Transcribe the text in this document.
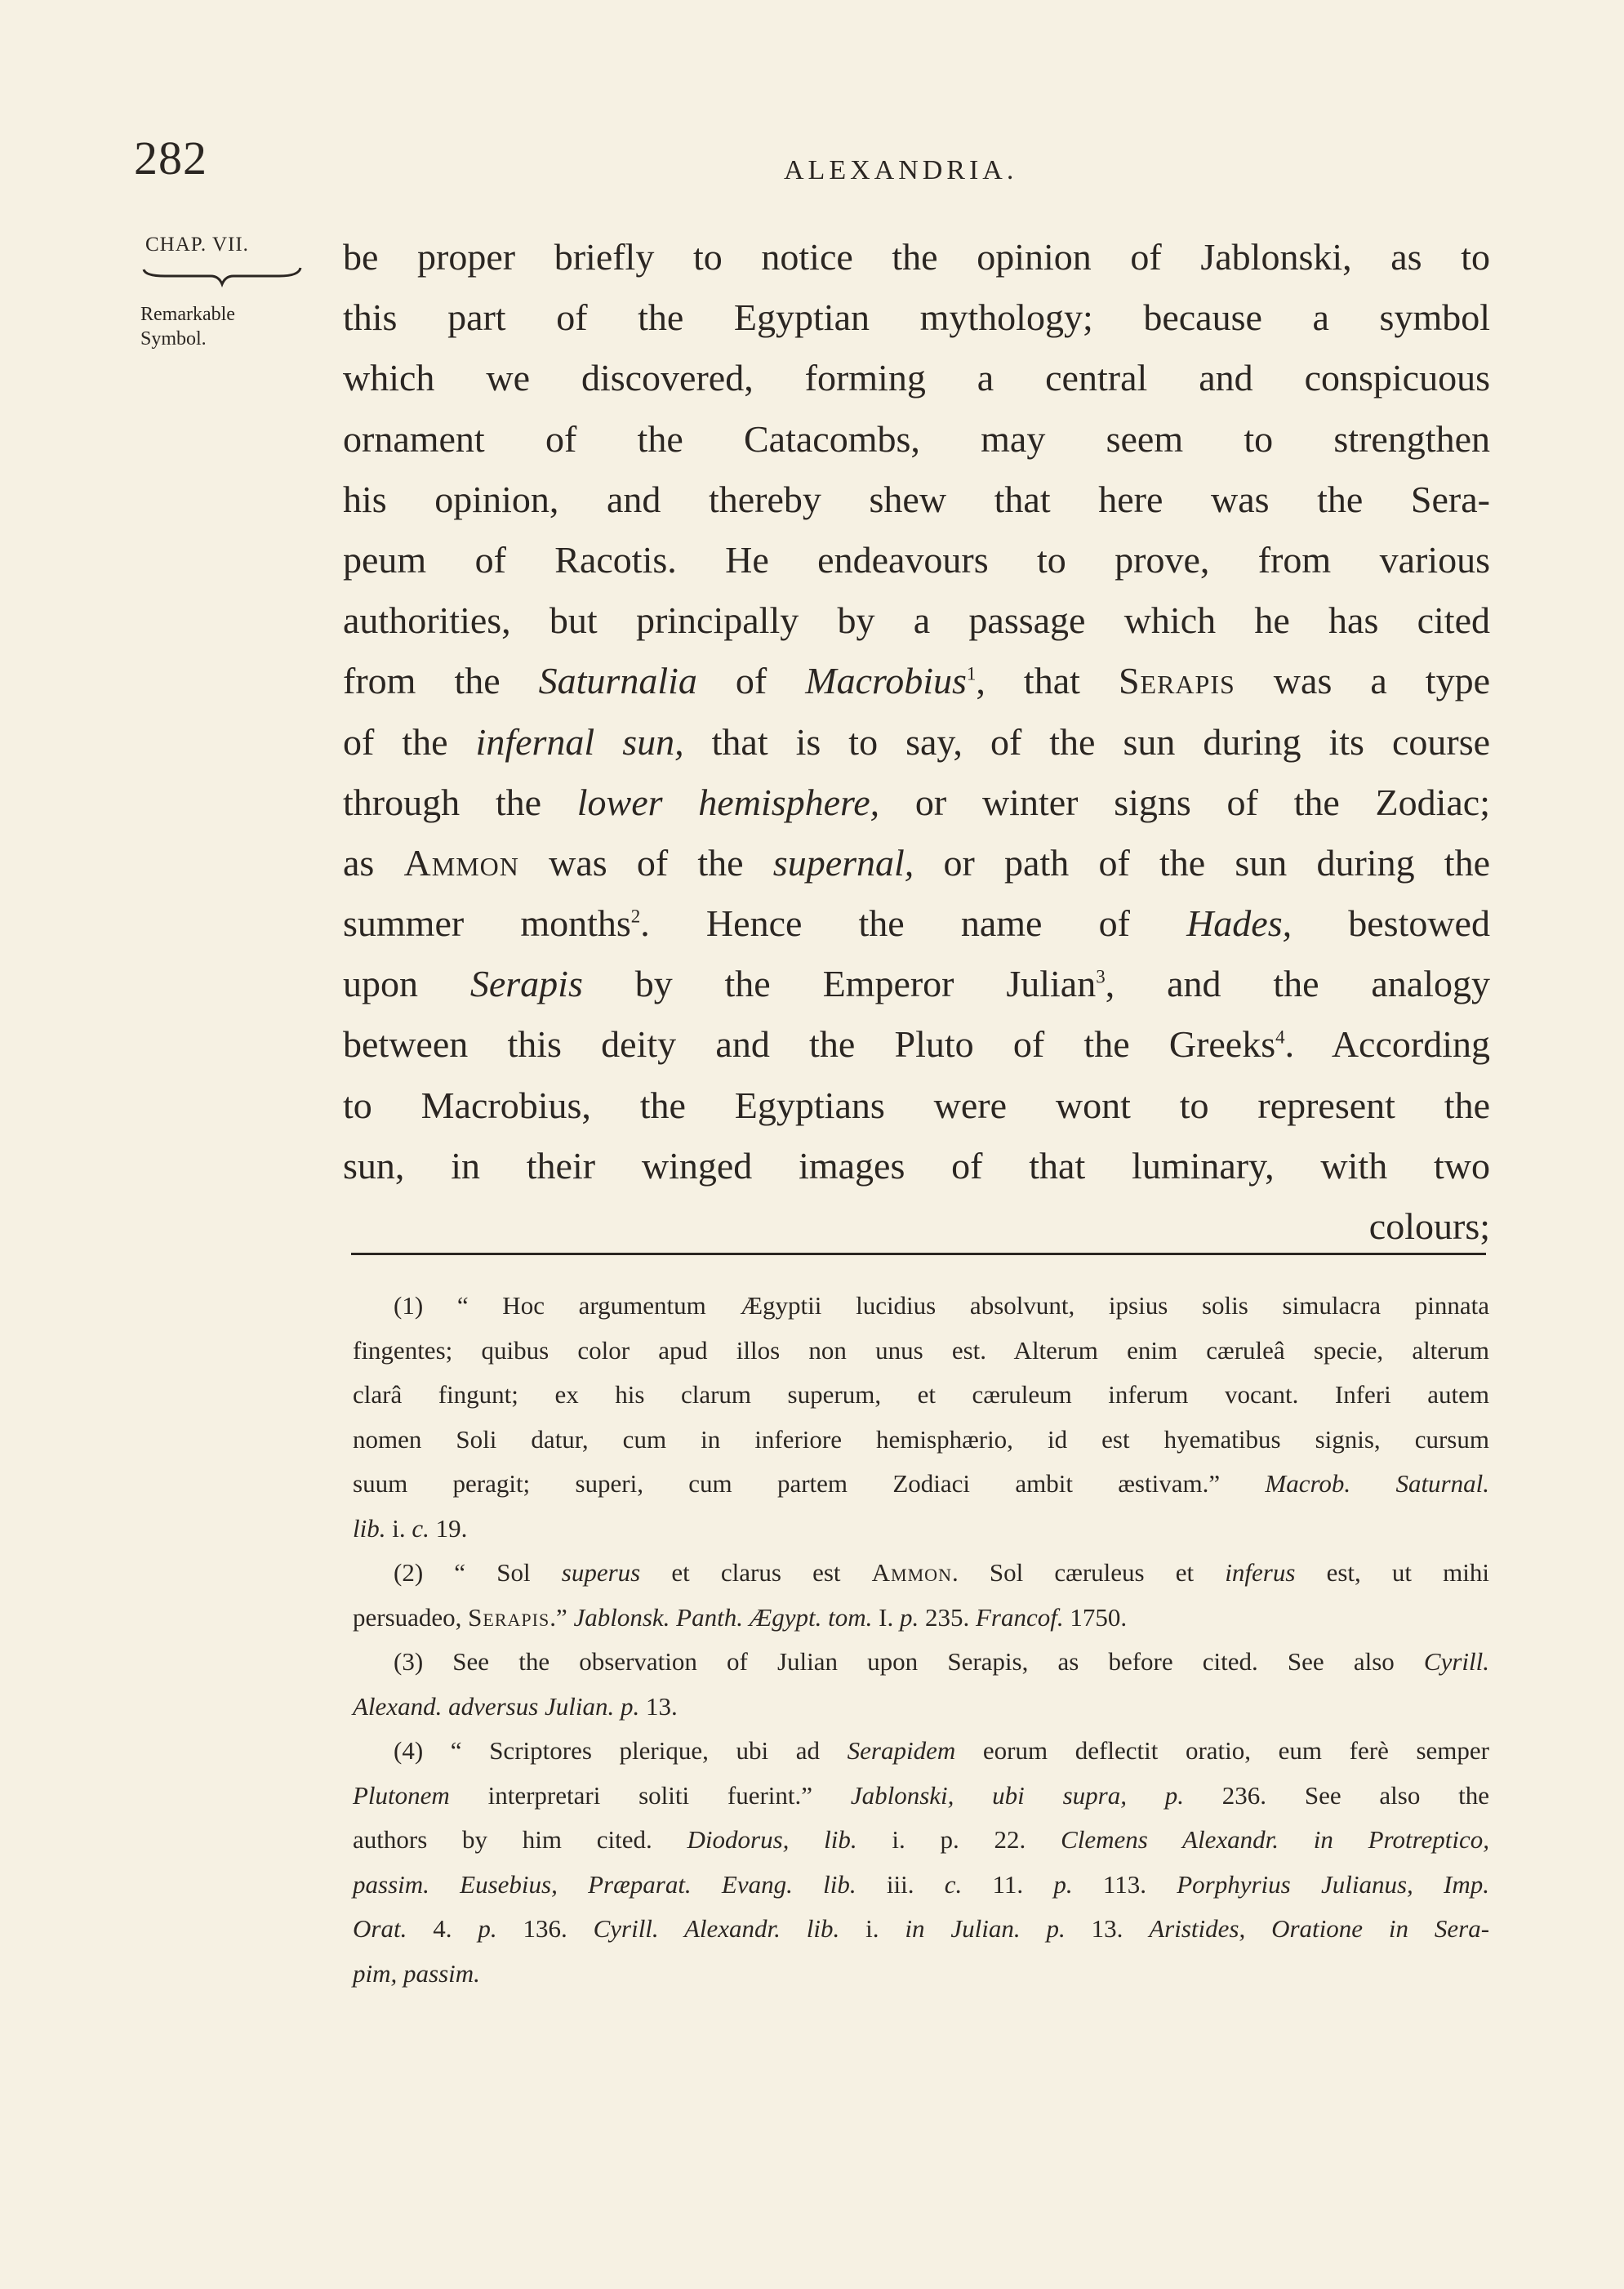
282	ALEXANDRIA.
CHAP. VII.
Remarkable Symbol.
be proper briefly to notice the opinion of Jablonski, as to
this part of the Egyptian mythology; because a symbol
which we discovered, forming a central and conspicuous
ornament of the Catacombs, may seem to strengthen
his opinion, and thereby shew that here was the Sera-
peum of Racotis. He endeavours to prove, from various
authorities, but principally by a passage which he has cited
from the Saturnalia of Macrobius$^1$, that Serapis was a type
of the infernal sun, that is to say, of the sun during its course
through the lower hemisphere, or winter signs of the Zodiac;
as Ammon was of the supernal, or path of the sun during the
summer months$^2$. Hence the name of Hades, bestowed
upon Serapis by the Emperor Julian$^3$, and the analogy
between this deity and the Pluto of the Greeks$^4$. According
to Macrobius, the Egyptians were wont to represent the
sun, in their winged images of that luminary, with two
colours;
(1) “ Hoc argumentum Ægyptii lucidius absolvunt, ipsius solis simulacra pinnata
fingentes; quibus color apud illos non unus est. Alterum enim cæruleâ specie, alterum
clarâ fingunt; ex his clarum superum, et cæruleum inferum vocant. Inferi autem
nomen Soli datur, cum in inferiore hemisphærio, id est hyematibus signis, cursum
suum peragit; superi, cum partem Zodiaci ambit æstivam.” Macrob. Saturnal.
lib. i. c. 19.
(2) “ Sol superus et clarus est Ammon. Sol cæruleus et inferus est, ut mihi
persuadeo, Serapis.” Jablonsk. Panth. Ægypt. tom. I. p. 235. Francof. 1750.
(3) See the observation of Julian upon Serapis, as before cited. See also Cyrill.
Alexand. adversus Julian. p. 13.
(4) “ Scriptores plerique, ubi ad Serapidem eorum deflectit oratio, eum ferè semper
Plutonem interpretari soliti fuerint.” Jablonski, ubi supra, p. 236. See also the
authors by him cited. Diodorus, lib. i. p. 22. Clemens Alexandr. in Protreptico,
passim. Eusebius, Præparat. Evang. lib. iii. c. 11. p. 113. Porphyrius Julianus, Imp.
Orat. 4. p. 136. Cyrill. Alexandr. lib. i. in Julian. p. 13. Aristides, Oratione in Sera-
pim, passim.
